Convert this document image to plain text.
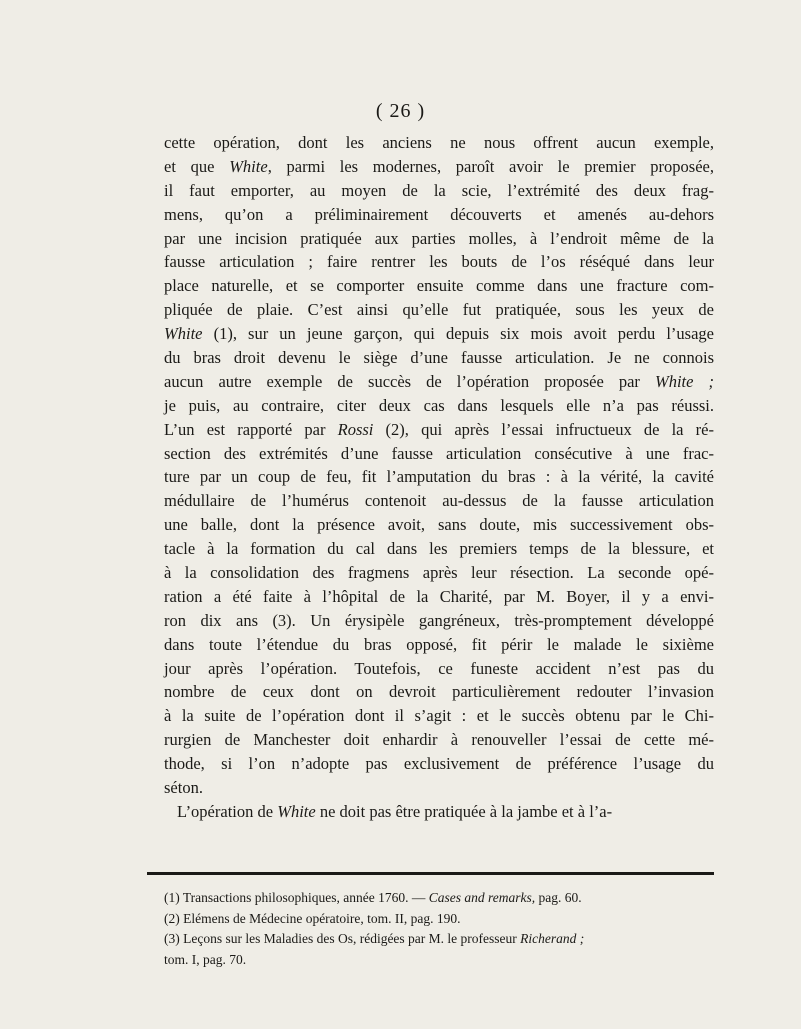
( 26 )
cette opération, dont les anciens ne nous offrent aucun exemple,
et que White, parmi les modernes, paroît avoir le premier proposée,
il faut emporter, au moyen de la scie, l’extrémité des deux frag-
mens, qu’on a préliminairement découverts et amenés au-dehors
par une incision pratiquée aux parties molles, à l’endroit même de la
fausse articulation ; faire rentrer les bouts de l’os réséqué dans leur
place naturelle, et se comporter ensuite comme dans une fracture com-
pliquée de plaie. C’est ainsi qu’elle fut pratiquée, sous les yeux de
White (1), sur un jeune garçon, qui depuis six mois avoit perdu l’usage
du bras droit devenu le siège d’une fausse articulation. Je ne connois
aucun autre exemple de succès de l’opération proposée par White ;
je puis, au contraire, citer deux cas dans lesquels elle n’a pas réussi.
L’un est rapporté par Rossi (2), qui après l’essai infructueux de la ré-
section des extrémités d’une fausse articulation consécutive à une frac-
ture par un coup de feu, fit l’amputation du bras : à la vérité, la cavité
médullaire de l’humérus contenoit au-dessus de la fausse articulation
une balle, dont la présence avoit, sans doute, mis successivement obs-
tacle à la formation du cal dans les premiers temps de la blessure, et
à la consolidation des fragmens après leur résection. La seconde opé-
ration a été faite à l’hôpital de la Charité, par M. Boyer, il y a envi-
ron dix ans (3). Un érysipèle gangréneux, très-promptement développé
dans toute l’étendue du bras opposé, fit périr le malade le sixième
jour après l’opération. Toutefois, ce funeste accident n’est pas du
nombre de ceux dont on devroit particulièrement redouter l’invasion
à la suite de l’opération dont il s’agit : et le succès obtenu par le Chi-
rurgien de Manchester doit enhardir à renouveller l’essai de cette mé-
thode, si l’on n’adopte pas exclusivement de préférence l’usage du
séton.
L’opération de White ne doit pas être pratiquée à la jambe et à l’a-
(1) Transactions philosophiques, année 1760. — Cases and remarks, pag. 60.
(2) Elémens de Médecine opératoire, tom. II, pag. 190.
(3) Leçons sur les Maladies des Os, rédigées par M. le professeur Richerand ;
tom. I, pag. 70.
